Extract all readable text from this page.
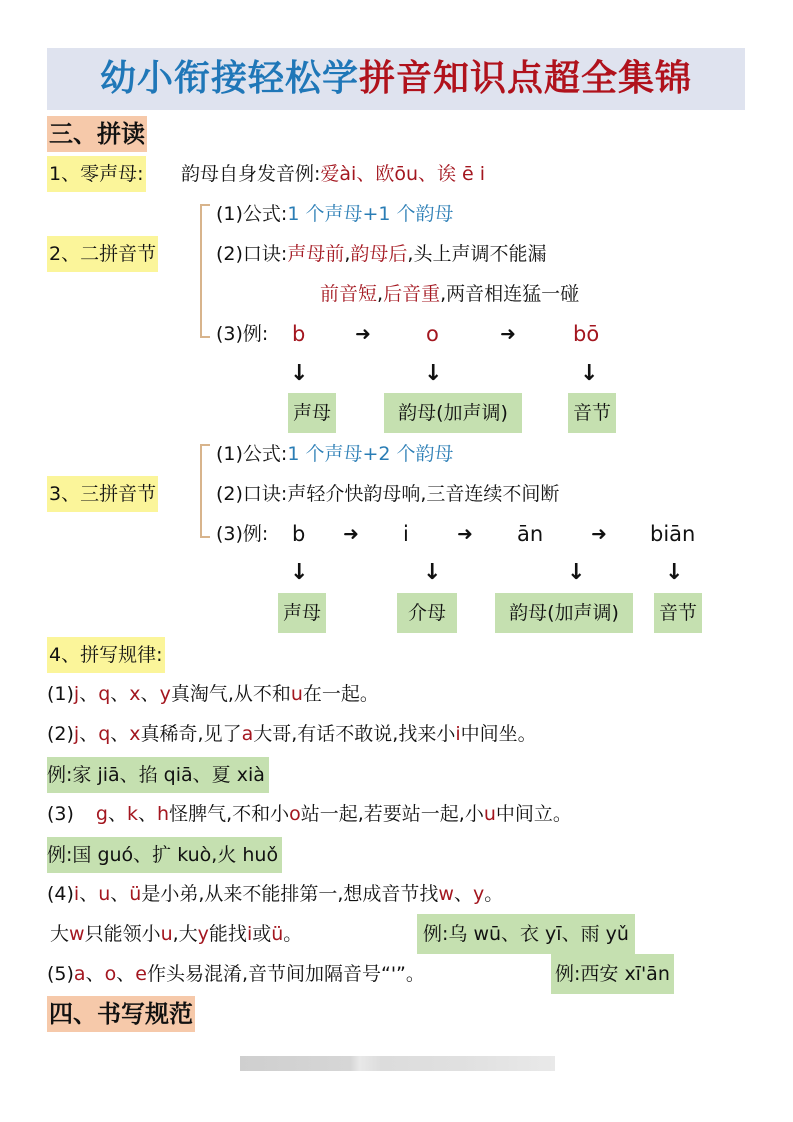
幼小衔接轻松学拼音知识点超全集锦
三、拼读
1、零声母: 韵母自身发音例:爱ài、欧ōu、诶 ē i
2、二拼音节
(1)公式:1 个声母+1 个韵母
(2)口诀:声母前,韵母后,头上声调不能漏
前音短,后音重,两音相连猛一碰
(3)例: b	➜	o	➜	bō
↓	↓	↓
声母	韵母(加声调)	音节
3、三拼音节
(1)公式:1 个声母+2 个韵母
(2)口诀:声轻介快韵母响,三音连续不间断
(3)例: b ➜ i	➜ ān	➜ biān
↓	↓	↓	↓
声母	介母	韵母(加声调)	音节
4、拼写规律:
(1)j、q、x、y真淘气,从不和u在一起。
(2)j、q、x真稀奇,见了a大哥,有话不敢说,找来小i中间坐。
例:家 jiā、掐 qiā、夏 xià
(3) g、k、h怪脾气,不和小o站一起,若要站一起,小u中间立。
例:国 guó、扩 kuò,火 huǒ
(4)i、u、ü是小弟,从来不能排第一,想成音节找w、y。
大w只能领小u,大y能找i或ü。	例:乌 wū、衣 yī、雨 yǔ
(5)a、o、e作头易混淆,音节间加隔音号“'”。	例:西安 xī'ān
四、书写规范
